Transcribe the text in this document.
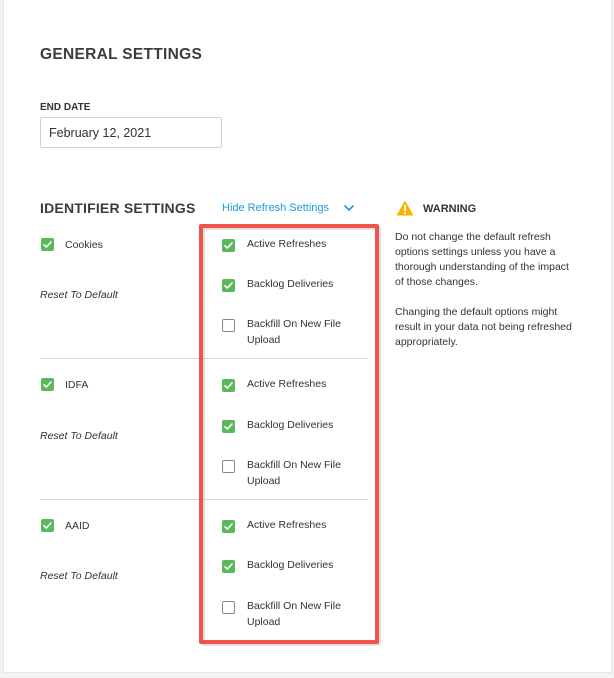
GENERAL SETTINGS
END DATE
February 12, 2021
IDENTIFIER SETTINGS Hide Refresh Settings	WARNING
Do not change the default refresh options settings unless you have a thorough understanding of the impact of those changes.
Changing the default options might result in your data not being refreshed appropriately.
Cookies
Reset To Default
Active Refreshes
Backlog Deliveries
Backfill On New File Upload
IDFA
Reset To Default
Active Refreshes
Backlog Deliveries
Backfill On New File Upload
AAID
Reset To Default
Active Refreshes
Backlog Deliveries
Backfill On New File Upload
